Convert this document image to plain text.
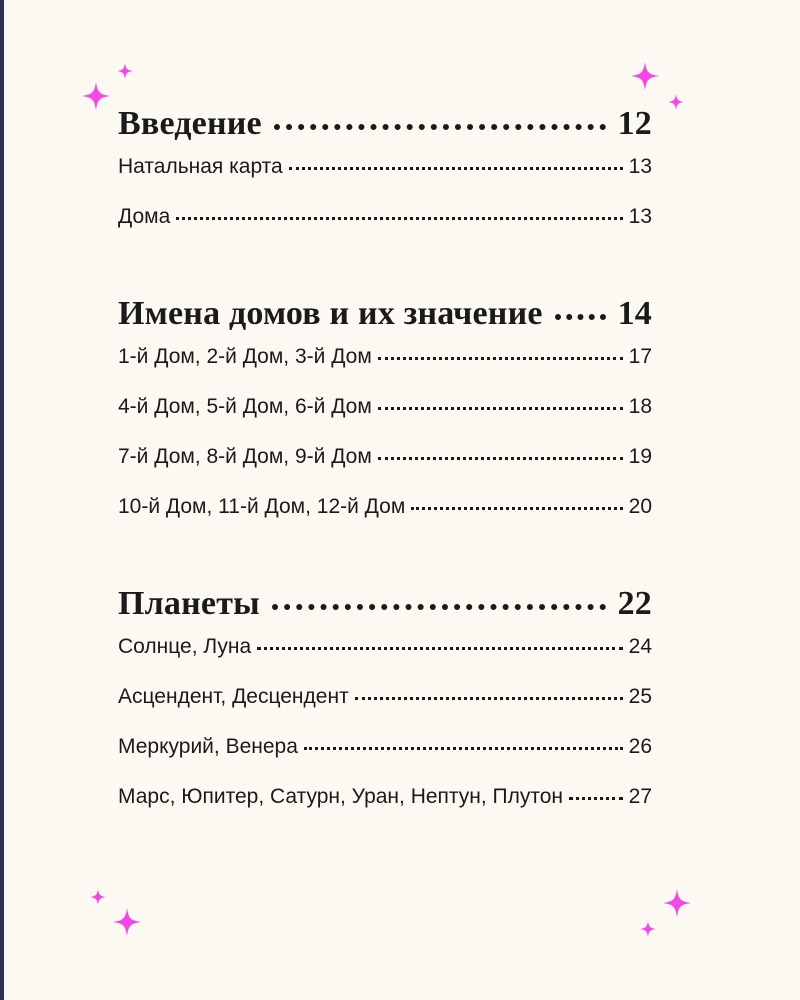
Введение	12
Натальная карта	13
Дома	13
Имена домов и их значение 14
1-й Дом, 2-й Дом, 3-й Дом	17
4-й Дом, 5-й Дом, 6-й Дом	18
7-й Дом, 8-й Дом, 9-й Дом	19
10-й Дом, 11-й Дом, 12-й Дом	20
Планеты	22
Солнце, Луна	24
Асцендент, Десцендент	25
Меркурий, Венера	26
Марс, Юпитер, Сатурн, Уран, Нептун, Плутон	27
